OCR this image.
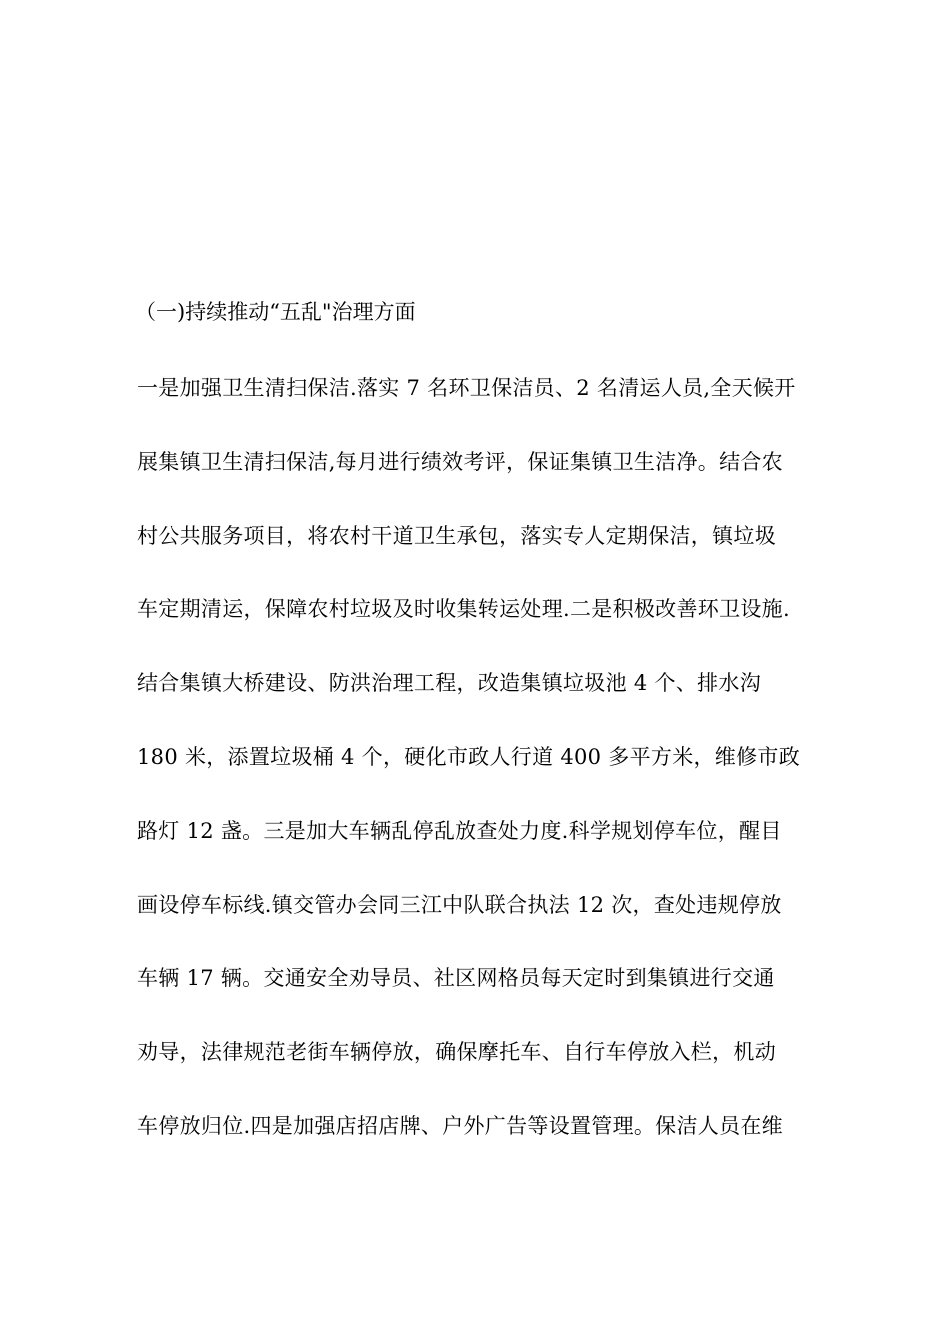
（一)持续推动“五乱"治理方面
一是加强卫生清扫保洁.落实 7 名环卫保洁员、2 名清运人员,全天候开
展集镇卫生清扫保洁,每月进行绩效考评，保证集镇卫生洁净。结合农
村公共服务项目，将农村干道卫生承包，落实专人定期保洁，镇垃圾
车定期清运，保障农村垃圾及时收集转运处理.二是积极改善环卫设施.
结合集镇大桥建设、防洪治理工程，改造集镇垃圾池 4 个、排水沟
180 米，添置垃圾桶 4 个，硬化市政人行道 400 多平方米，维修市政
路灯 12 盏。三是加大车辆乱停乱放查处力度.科学规划停车位，醒目
画设停车标线.镇交管办会同三江中队联合执法 12 次，查处违规停放
车辆 17 辆。交通安全劝导员、社区网格员每天定时到集镇进行交通
劝导，法律规范老街车辆停放，确保摩托车、自行车停放入栏，机动
车停放归位.四是加强店招店牌、户外广告等设置管理。保洁人员在维
